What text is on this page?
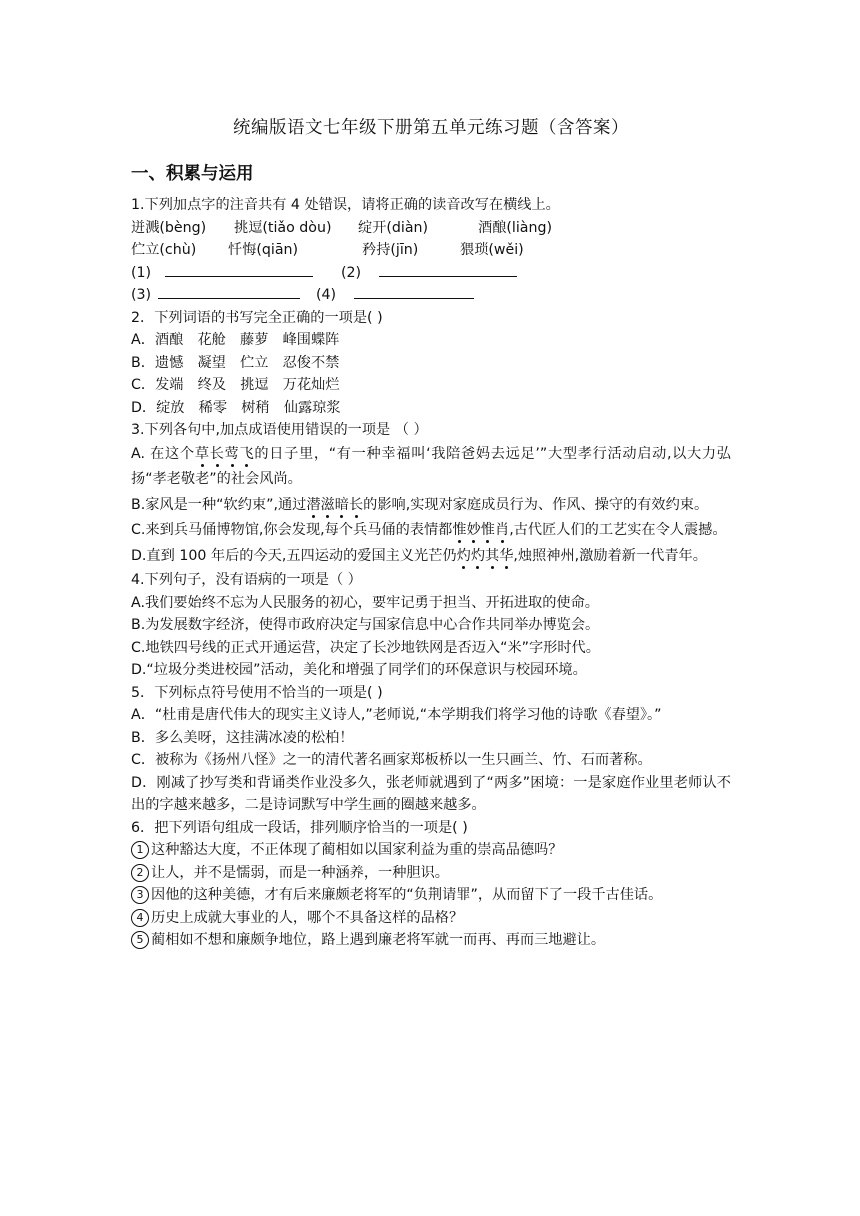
统编版语文七年级下册第五单元练习题（含答案）
一、积累与运用
1.下列加点字的注音共有 4 处错误，请将正确的读音改写在横线上。
迸溅(bèng) 挑逗(tiǎo dòu) 绽开(diàn)	酒酿(liàng)
伫立(chù) 忏悔(qiān)	矜持(jīn)	猥琐(wěi)
(1)	(2)
(3)	(4)
2．下列词语的书写完全正确的一项是( )
A．酒酿　花舱　藤萝　峰围蝶阵
B．遗憾　凝望　伫立　忍俊不禁
C．发端　终及　挑逗　万花灿烂
D．绽放　稀零　树稍　仙露琼浆
3.下列各句中,加点成语使用错误的一项是 （ ）
A. 在这个草长莺飞的日子里，“有一种幸福叫‘我陪爸妈去远足’”大型孝行活动启动,以大力弘扬“孝老敬老”的社会风尚。
B.家风是一种“软约束”,通过潜滋暗长的影响,实现对家庭成员行为、作风、操守的有效约束。
C.来到兵马俑博物馆,你会发现,每个兵马俑的表情都惟妙惟肖,古代匠人们的工艺实在令人震撼。
D.直到 100 年后的今天,五四运动的爱国主义光芒仍灼灼其华,烛照神州,激励着新一代青年。
4.下列句子，没有语病的一项是（ ）
A.我们要始终不忘为人民服务的初心，要牢记勇于担当、开拓进取的使命。
B.为发展数字经济，使得市政府决定与国家信息中心合作共同举办博览会。
C.地铁四号线的正式开通运营，决定了长沙地铁网是否迈入“米”字形时代。
D.“垃圾分类进校园”活动，美化和增强了同学们的环保意识与校园环境。
5．下列标点符号使用不恰当的一项是( )
A．“杜甫是唐代伟大的现实主义诗人,”老师说,“本学期我们将学习他的诗歌《春望》。”
B．多么美呀，这挂满冰凌的松柏！
C．被称为《扬州八怪》之一的清代著名画家郑板桥以一生只画兰、竹、石而著称。
D．刚减了抄写类和背诵类作业没多久，张老师就遇到了“两多”困境：一是家庭作业里老师认不出的字越来越多，二是诗词默写中学生画的圈越来越多。
6．把下列语句组成一段话，排列顺序恰当的一项是( )
1 这种豁达大度，不正体现了蔺相如以国家利益为重的崇高品德吗？
2 让人，并不是懦弱，而是一种涵养，一种胆识。
3 因他的这种美德，才有后来廉颇老将军的“负荆请罪”，从而留下了一段千古佳话。
4 历史上成就大事业的人，哪个不具备这样的品格？
5 蔺相如不想和廉颇争地位，路上遇到廉老将军就一而再、再而三地避让。
